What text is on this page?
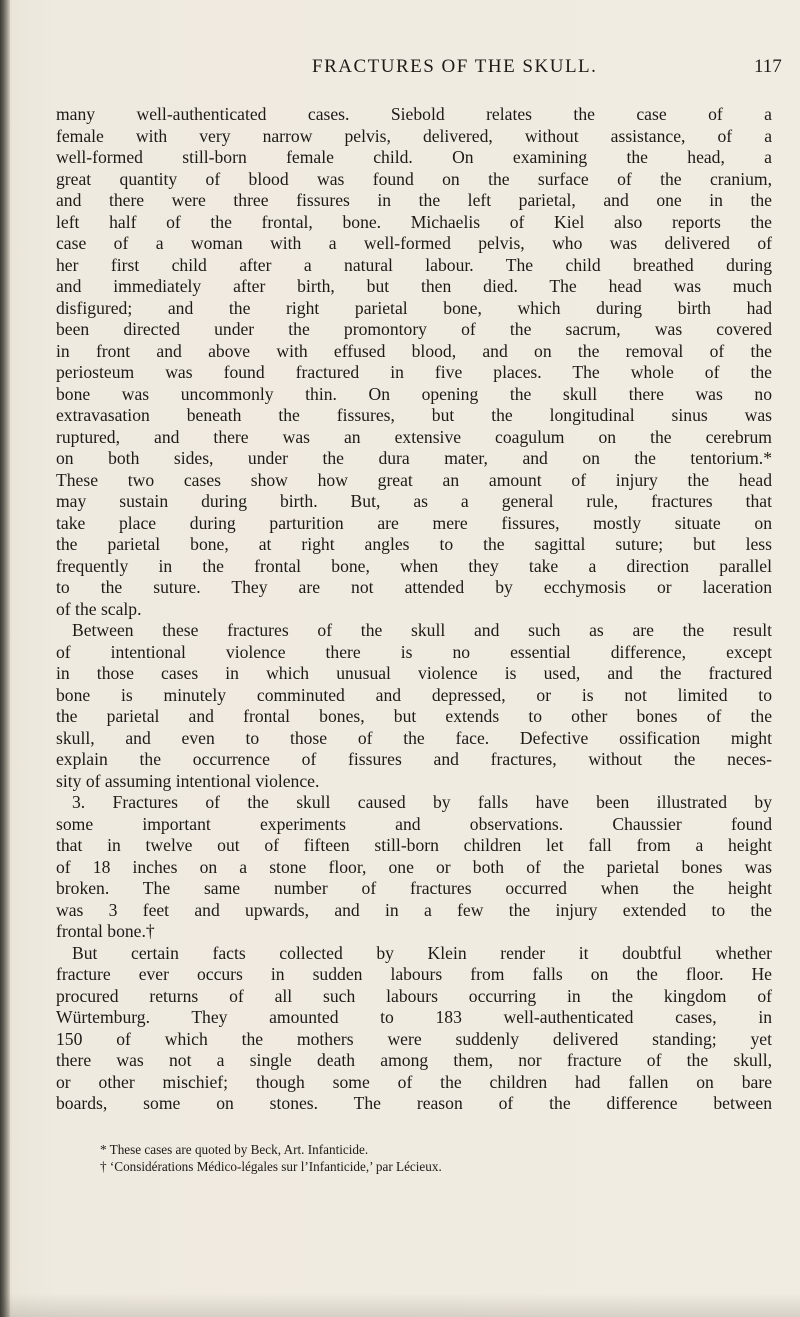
FRACTURES OF THE SKULL.	117
many well-authenticated cases. Siebold relates the case of a
female with very narrow pelvis, delivered, without assistance, of a
well-formed still-born female child. On examining the head, a
great quantity of blood was found on the surface of the cranium,
and there were three fissures in the left parietal, and one in the
left half of the frontal, bone. Michaelis of Kiel also reports the
case of a woman with a well-formed pelvis, who was delivered of
her first child after a natural labour. The child breathed during
and immediately after birth, but then died. The head was much
disfigured; and the right parietal bone, which during birth had
been directed under the promontory of the sacrum, was covered
in front and above with effused blood, and on the removal of the
periosteum was found fractured in five places. The whole of the
bone was uncommonly thin. On opening the skull there was no
extravasation beneath the fissures, but the longitudinal sinus was
ruptured, and there was an extensive coagulum on the cerebrum
on both sides, under the dura mater, and on the tentorium.*
These two cases show how great an amount of injury the head
may sustain during birth. But, as a general rule, fractures that
take place during parturition are mere fissures, mostly situate on
the parietal bone, at right angles to the sagittal suture; but less
frequently in the frontal bone, when they take a direction parallel
to the suture. They are not attended by ecchymosis or laceration
of the scalp.
Between these fractures of the skull and such as are the result
of intentional violence there is no essential difference, except
in those cases in which unusual violence is used, and the fractured
bone is minutely comminuted and depressed, or is not limited to
the parietal and frontal bones, but extends to other bones of the
skull, and even to those of the face. Defective ossification might
explain the occurrence of fissures and fractures, without the neces-
sity of assuming intentional violence.
3. Fractures of the skull caused by falls have been illustrated by
some important experiments and observations. Chaussier found
that in twelve out of fifteen still-born children let fall from a height
of 18 inches on a stone floor, one or both of the parietal bones was
broken. The same number of fractures occurred when the height
was 3 feet and upwards, and in a few the injury extended to the
frontal bone.†
But certain facts collected by Klein render it doubtful whether
fracture ever occurs in sudden labours from falls on the floor. He
procured returns of all such labours occurring in the kingdom of
Würtemburg. They amounted to 183 well-authenticated cases, in
150 of which the mothers were suddenly delivered standing; yet
there was not a single death among them, nor fracture of the skull,
or other mischief; though some of the children had fallen on bare
boards, some on stones. The reason of the difference between
* These cases are quoted by Beck, Art. Infanticide.
† ‘Considérations Médico-légales sur l’Infanticide,’ par Lécieux.
